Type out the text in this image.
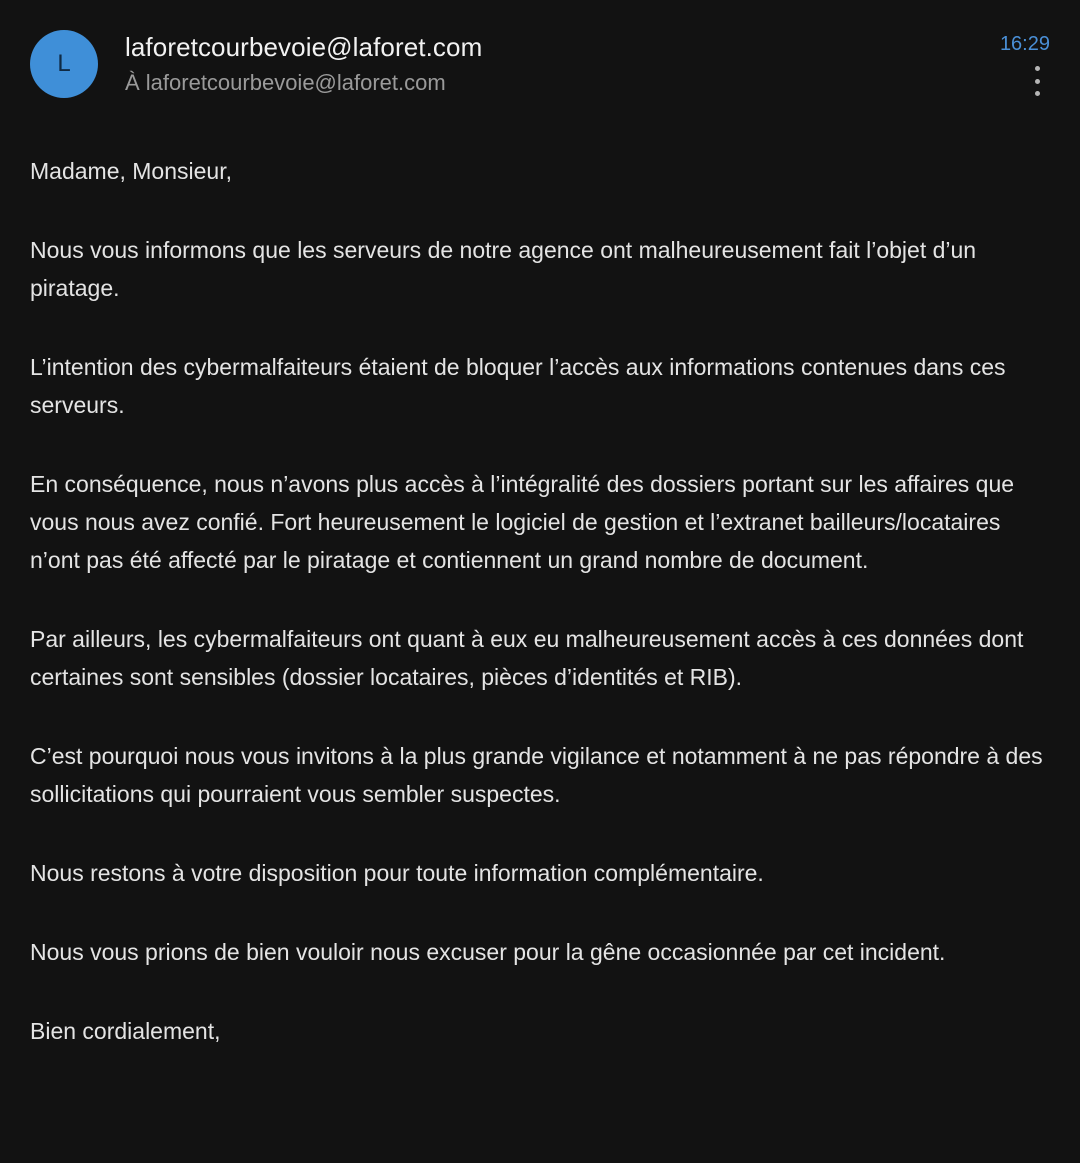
L
laforetcourbevoie@laforet.com
À laforetcourbevoie@laforet.com
16:29

Madame, Monsieur,

Nous vous informons que les serveurs de notre agence ont malheureusement fait l’objet d’un piratage.

L’intention des cybermalfaiteurs étaient de bloquer l’accès aux informations contenues dans ces serveurs.

En conséquence, nous n’avons plus accès à l’intégralité des dossiers portant sur les affaires que vous nous avez confié. Fort heureusement le logiciel de gestion et l’extranet bailleurs/locataires n’ont pas été affecté par le piratage et contiennent un grand nombre de document.

Par ailleurs, les cybermalfaiteurs ont quant à eux eu malheureusement accès à ces données dont certaines sont sensibles (dossier locataires, pièces d’identités et RIB).

C’est pourquoi nous vous invitons à la plus grande vigilance et notamment à ne pas répondre à des sollicitations qui pourraient vous sembler suspectes.

Nous restons à votre disposition pour toute information complémentaire.

Nous vous prions de bien vouloir nous excuser pour la gêne occasionnée par cet incident.

Bien cordialement,
